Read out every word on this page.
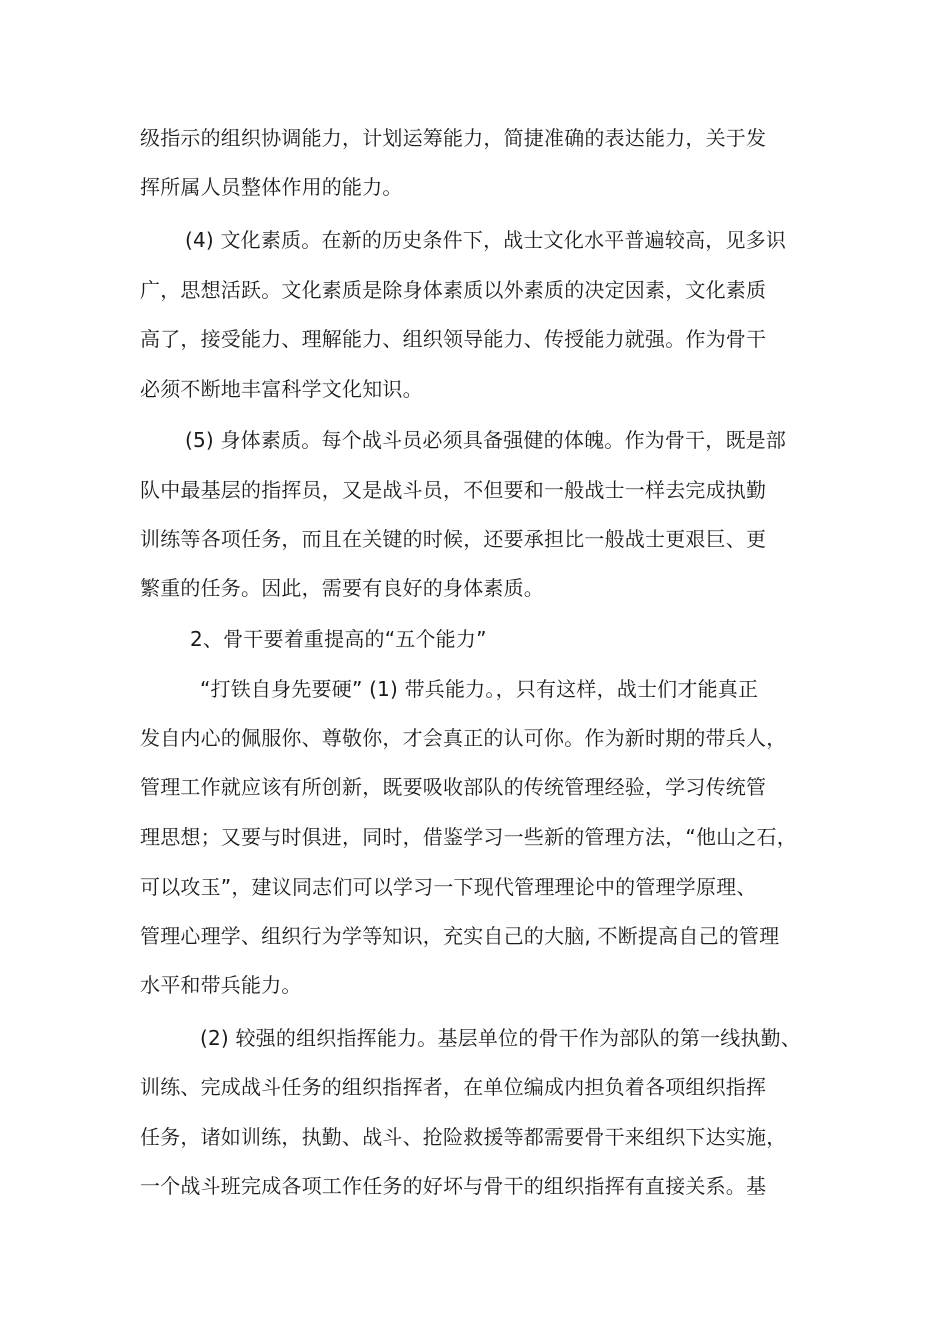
级指示的组织协调能力，计划运筹能力，简捷准确的表达能力，关于发
挥所属人员整体作用的能力。
(4) 文化素质。在新的历史条件下，战士文化水平普遍较高，见多识
广，思想活跃。文化素质是除身体素质以外素质的决定因素，文化素质
高了，接受能力、理解能力、组织领导能力、传授能力就强。作为骨干
必须不断地丰富科学文化知识。
(5) 身体素质。每个战斗员必须具备强健的体魄。作为骨干，既是部
队中最基层的指挥员，又是战斗员，不但要和一般战士一样去完成执勤
训练等各项任务，而且在关键的时候，还要承担比一般战士更艰巨、更
繁重的任务。因此，需要有良好的身体素质。
2、骨干要着重提高的“五个能力”
“打铁自身先要硬” (1) 带兵能力。，只有这样，战士们才能真正
发自内心的佩服你、尊敬你，才会真正的认可你。作为新时期的带兵人，
管理工作就应该有所创新，既要吸收部队的传统管理经验，学习传统管
理思想；又要与时俱进，同时，借鉴学习一些新的管理方法，“他山之石，
可以攻玉”，建议同志们可以学习一下现代管理理论中的管理学原理、
管理心理学、组织行为学等知识，充实自己的大脑, 不断提高自己的管理
水平和带兵能力。
(2) 较强的组织指挥能力。基层单位的骨干作为部队的第一线执勤、
训练、完成战斗任务的组织指挥者，在单位编成内担负着各项组织指挥
任务，诸如训练，执勤、战斗、抢险救援等都需要骨干来组织下达实施，
一个战斗班完成各项工作任务的好坏与骨干的组织指挥有直接关系。基
